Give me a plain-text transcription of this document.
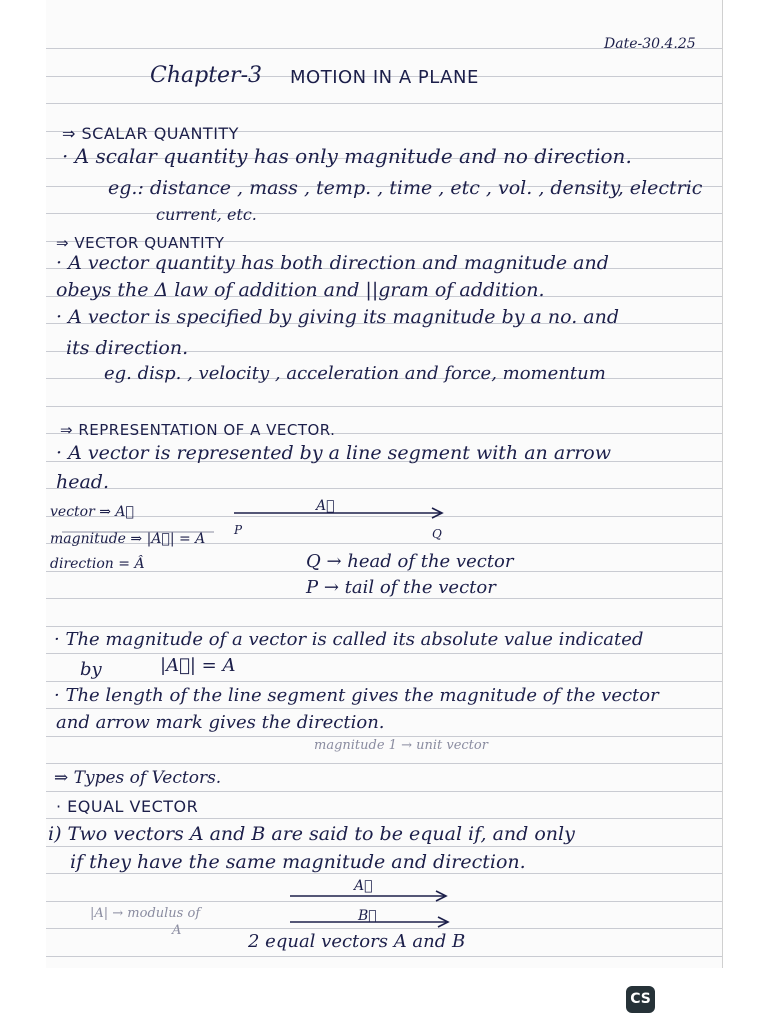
Date-30.4.25
Chapter-3 MOTION IN A PLANE
⇒ SCALAR QUANTITY
· A scalar quantity has only magnitude and no direction.
eg.: distance , mass , temp. , time , etc , vol. , density, electric
current, etc.
⇒ VECTOR QUANTITY
· A vector quantity has both direction and magnitude and
obeys the Δ law of addition and ||gram of addition.
· A vector is specified by giving its magnitude by a no. and
its direction.
eg. disp. , velocity , acceleration and force, momentum
⇒ REPRESENTATION OF A VECTOR.
· A vector is represented by a line segment with an arrow
head.
vector ⇒ A⃗
magnitude ⇒ |A⃗| = A
direction = Â
A⃗
P	Q
Q → head of the vector
P → tail of the vector
· The magnitude of a vector is called its absolute value indicated
by	|A⃗| = A
· The length of the line segment gives the magnitude of the vector
and arrow mark gives the direction.
magnitude 1 → unit vector
⇒ Types of Vectors.
· EQUAL VECTOR
i) Two vectors A and B are said to be equal if, and only
if they have the same magnitude and direction.
|A| → modulus of
A
A⃗
B⃗
2 equal vectors A and B
CS
